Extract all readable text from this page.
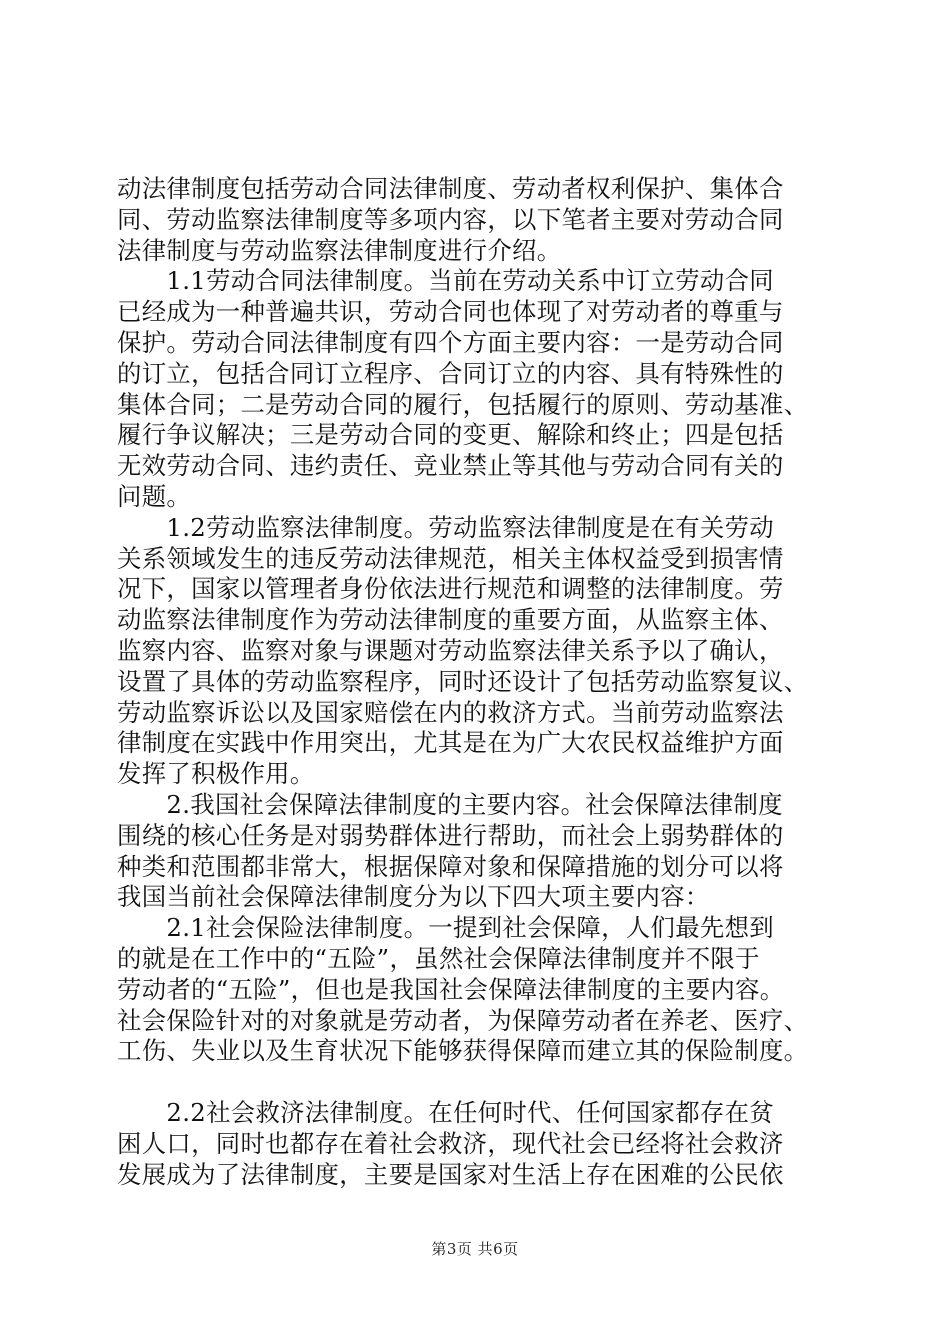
动法律制度包括劳动合同法律制度、劳动者权利保护、集体合
同、劳动监察法律制度等多项内容，以下笔者主要对劳动合同
法律制度与劳动监察法律制度进行介绍。
　　1.1劳动合同法律制度。当前在劳动关系中订立劳动合同
已经成为一种普遍共识，劳动合同也体现了对劳动者的尊重与
保护。劳动合同法律制度有四个方面主要内容：一是劳动合同
的订立，包括合同订立程序、合同订立的内容、具有特殊性的
集体合同；二是劳动合同的履行，包括履行的原则、劳动基准、
履行争议解决；三是劳动合同的变更、解除和终止；四是包括
无效劳动合同、违约责任、竞业禁止等其他与劳动合同有关的
问题。
　　1.2劳动监察法律制度。劳动监察法律制度是在有关劳动
关系领域发生的违反劳动法律规范，相关主体权益受到损害情
况下，国家以管理者身份依法进行规范和调整的法律制度。劳
动监察法律制度作为劳动法律制度的重要方面，从监察主体、
监察内容、监察对象与课题对劳动监察法律关系予以了确认，
设置了具体的劳动监察程序，同时还设计了包括劳动监察复议、
劳动监察诉讼以及国家赔偿在内的救济方式。当前劳动监察法
律制度在实践中作用突出，尤其是在为广大农民权益维护方面
发挥了积极作用。
　　2.我国社会保障法律制度的主要内容。社会保障法律制度
围绕的核心任务是对弱势群体进行帮助，而社会上弱势群体的
种类和范围都非常大，根据保障对象和保障措施的划分可以将
我国当前社会保障法律制度分为以下四大项主要内容：
　　2.1社会保险法律制度。一提到社会保障，人们最先想到
的就是在工作中的“五险”，虽然社会保障法律制度并不限于
劳动者的“五险”，但也是我国社会保障法律制度的主要内容。
社会保险针对的对象就是劳动者，为保障劳动者在养老、医疗、
工伤、失业以及生育状况下能够获得保障而建立其的保险制度。
　　2.2社会救济法律制度。在任何时代、任何国家都存在贫
困人口，同时也都存在着社会救济，现代社会已经将社会救济
发展成为了法律制度，主要是国家对生活上存在困难的公民依
第3页 共6页
